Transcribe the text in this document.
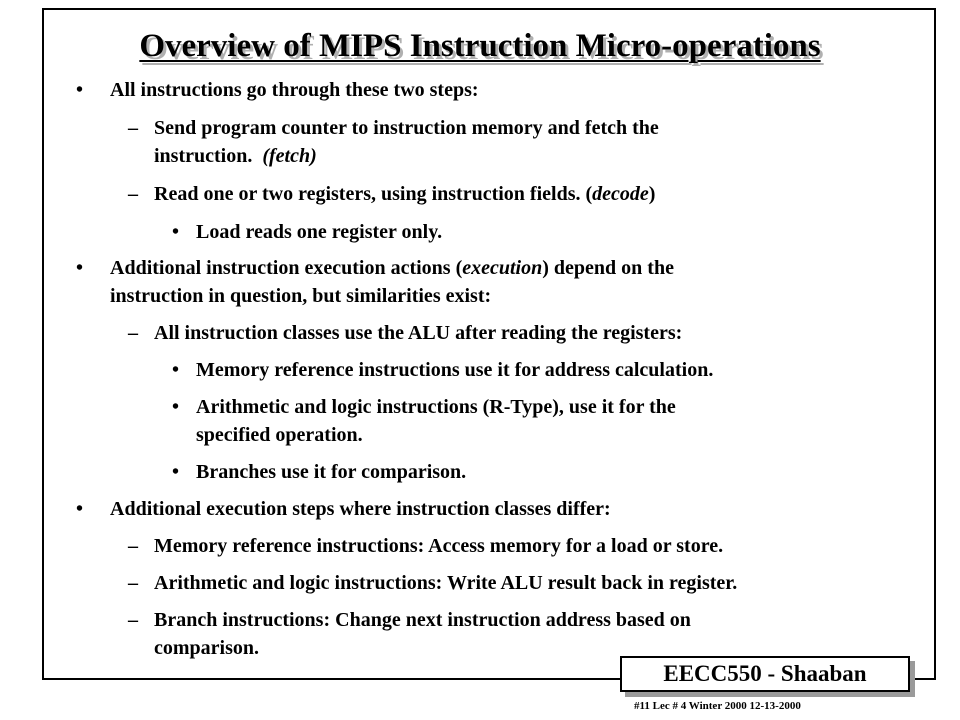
Overview of MIPS Instruction Micro-operations
• All instructions go through these two steps:
– Send program counter to instruction memory and fetch the
instruction. (fetch)
– Read one or two registers, using instruction fields. (decode)
• Load reads one register only.
• Additional instruction execution actions (execution) depend on the
instruction in question, but similarities exist:
– All instruction classes use the ALU after reading the registers:
• Memory reference instructions use it for address calculation.
• Arithmetic and logic instructions (R-Type), use it for the
specified operation.
• Branches use it for comparison.
• Additional execution steps where instruction classes differ:
– Memory reference instructions: Access memory for a load or store.
– Arithmetic and logic instructions: Write ALU result back in register.
– Branch instructions: Change next instruction address based on
comparison.
EECC550 - Shaaban
#11 Lec # 4 Winter 2000 12-13-2000
